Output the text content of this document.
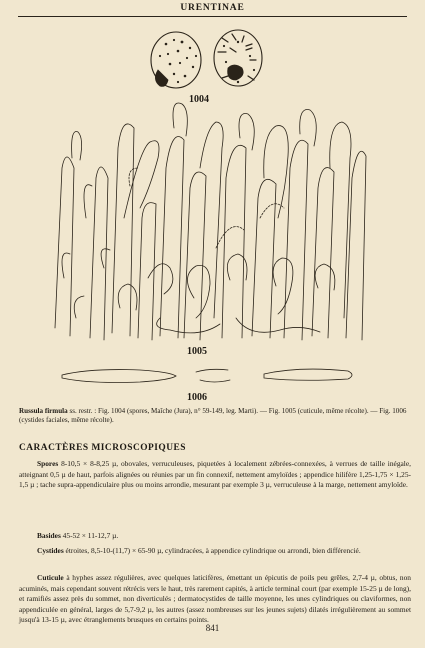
URENTINAE
1004
1005
1006
Russula firmula ss. restr. : Fig. 1004 (spores, Maîche (Jura), n° 59-149, leg. Marti). — Fig. 1005 (cuticule, même récolte). — Fig. 1006 (cystides faciales, même récolte).
CARACTÈRES MICROSCOPIQUES

Spores 8-10,5 × 8-8,25 µ, obovales, verruculeuses, piquetées à localement zébrées-connexées, à verrues de taille inégale, atteignant 0,5 µ de haut, parfois alignées ou réunies par un fin connexif, nettement amyloïdes ; appendice hilifère 1,25-1,75 × 1,25-1,5 µ ; tache supra-appendiculaire plus ou moins arrondie, mesurant par exemple 3 µ, verruculeuse à la marge, nettement amyloïde.

Basides 45-52 × 11-12,7 µ.

Cystides étroites, 8,5-10-(11,7) × 65-90 µ, cylindracées, à appendice cylindrique ou arrondi, bien différencié.

Cuticule à hyphes assez régulières, avec quelques laticifères, émettant un épicutis de poils peu grêles, 2,7-4 µ, obtus, non acuminés, mais cependant souvent rétrécis vers le haut, très rarement capités, à article terminal court (par exemple 15-25 µ de long), et ramifiés assez près du sommet, non diverticulés ; dermatocystides de taille moyenne, les unes cylindriques ou claviformes, non appendiculée en général, larges de 5,7-9,2 µ, les autres (assez nombreuses sur les jeunes sujets) dilatés irrégulièrement au sommet jusqu'à 13-15 µ, avec étranglements brusques en certains points.

841
